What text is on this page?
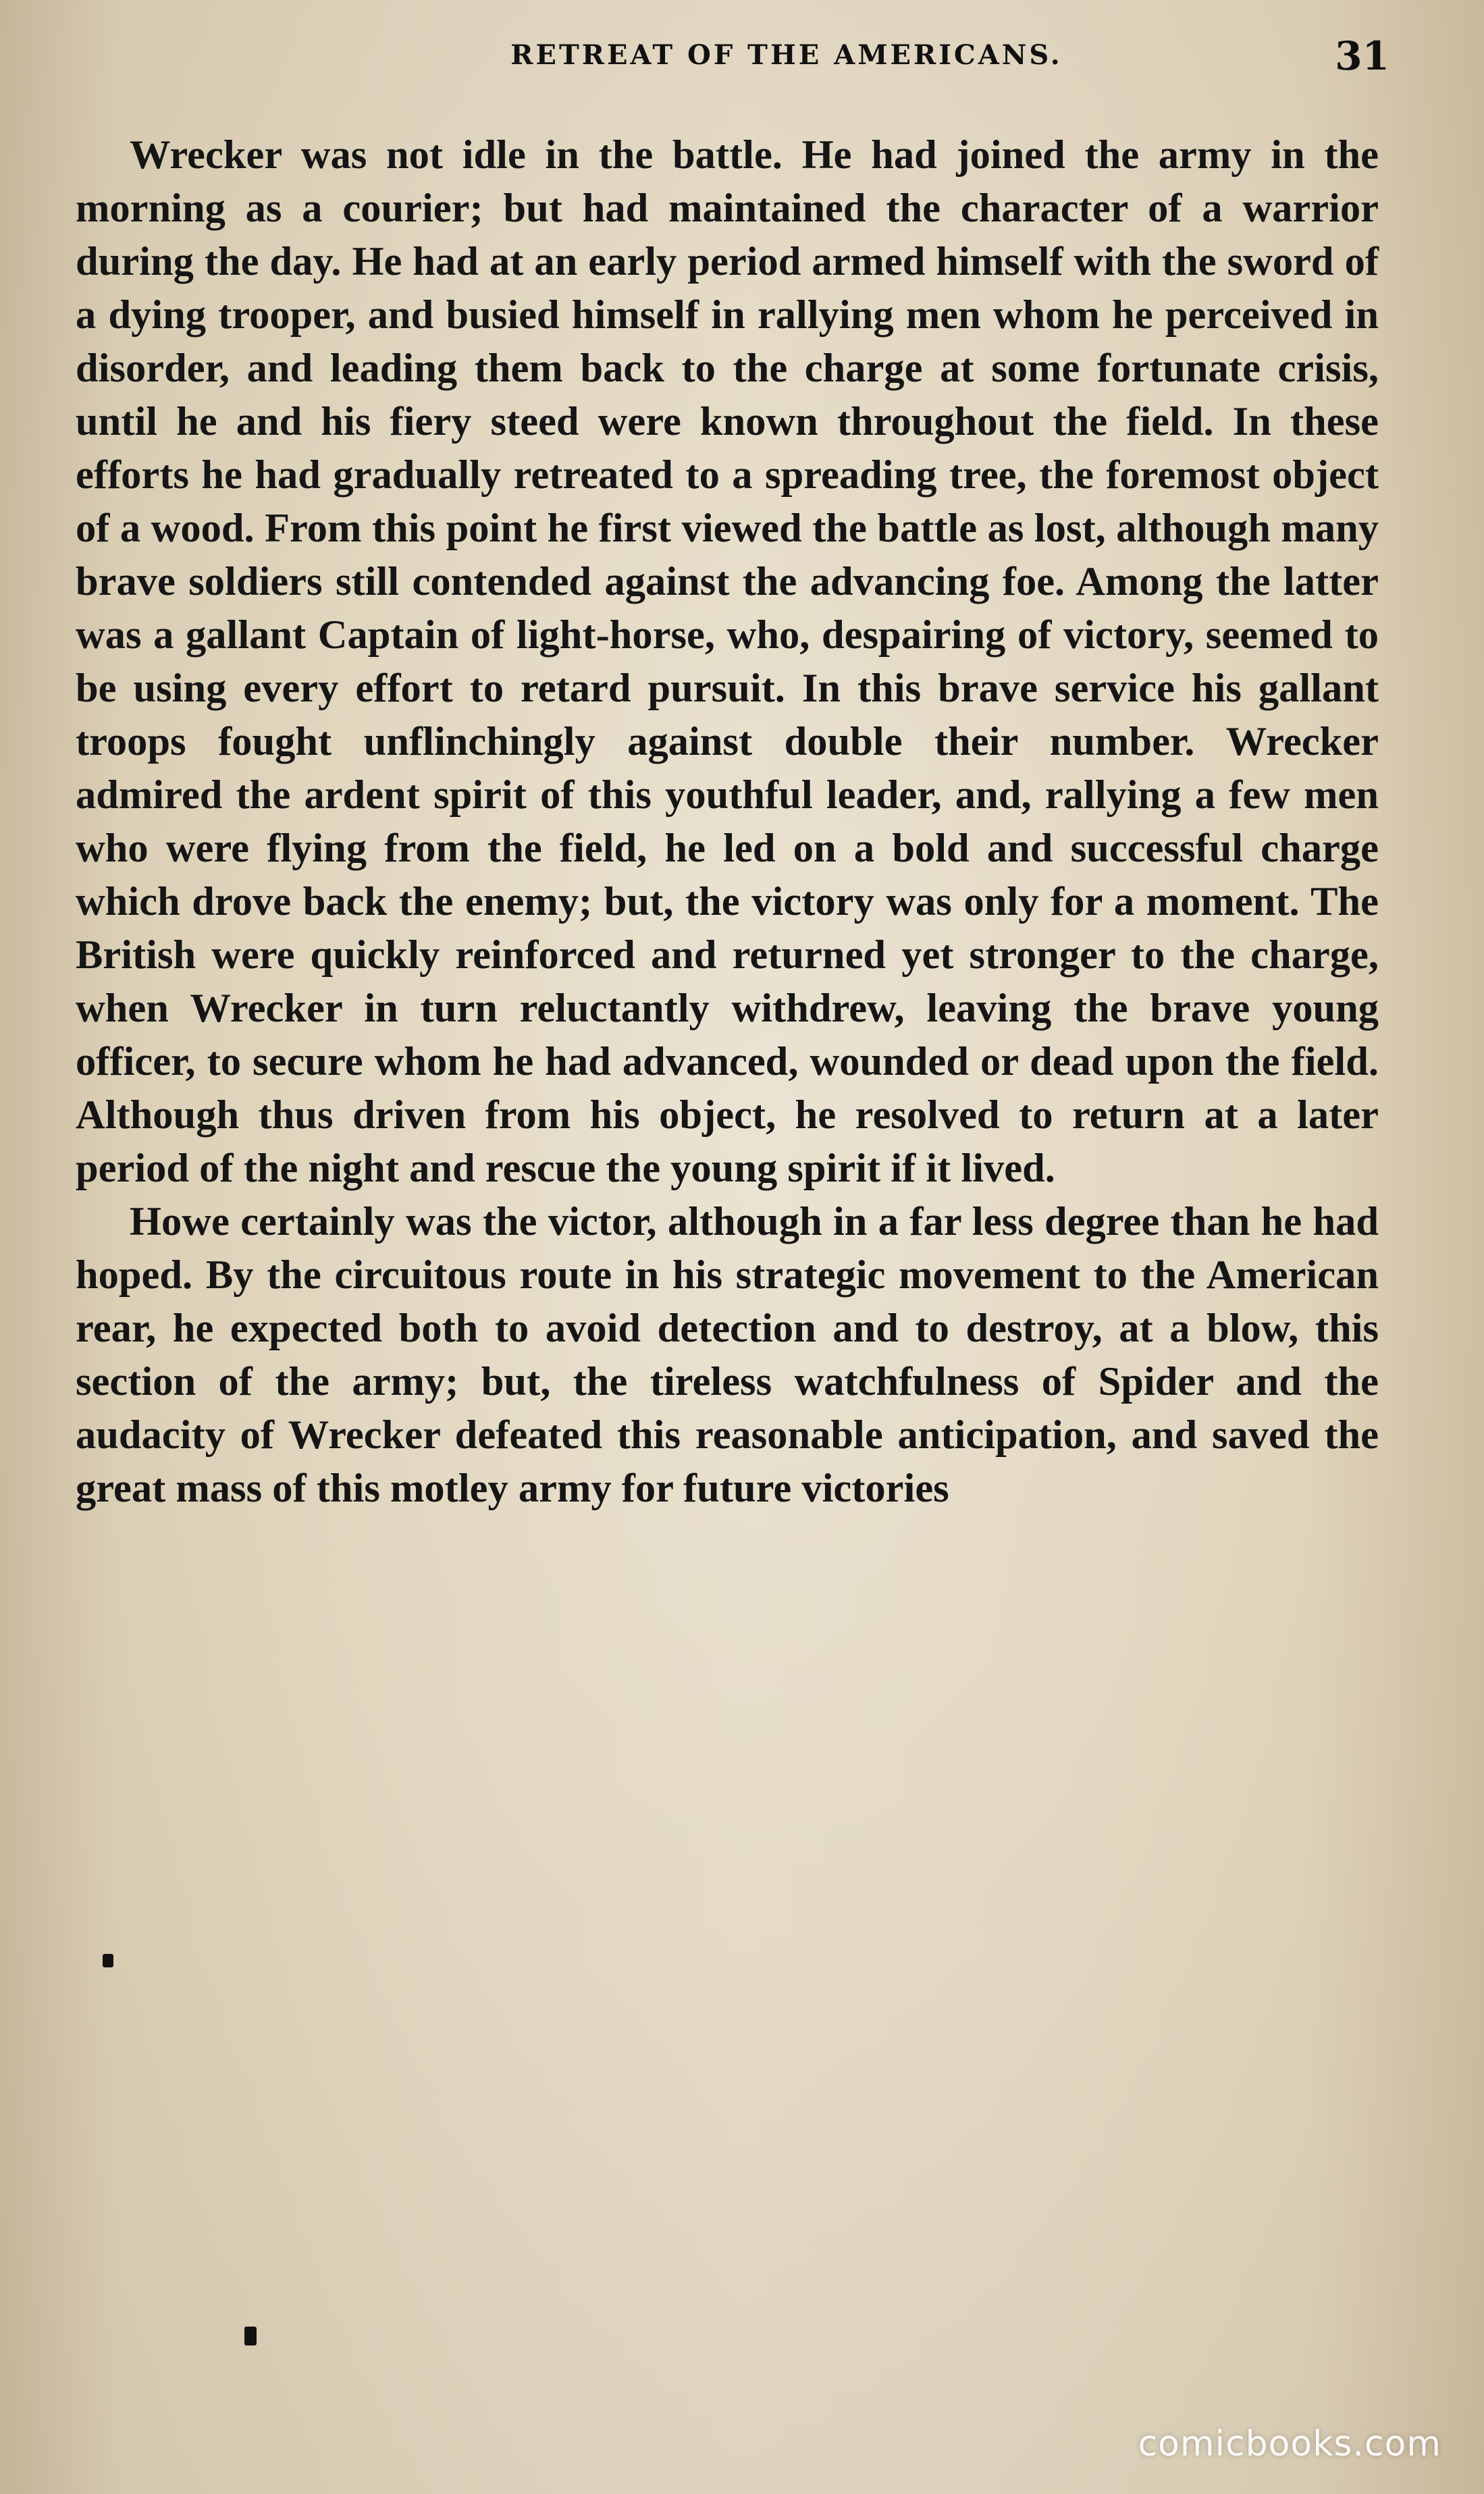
RETREAT OF THE AMERICANS.	31

Wrecker was not idle in the battle. He had joined the army in the morning as a courier; but had maintained the character of a warrior during the day. He had at an early period armed himself with the sword of a dying trooper, and busied himself in rallying men whom he perceived in disorder, and leading them back to the charge at some fortunate crisis, until he and his fiery steed were known throughout the field. In these efforts he had gradually retreated to a spreading tree, the foremost object of a wood. From this point he first viewed the battle as lost, although many brave soldiers still contended against the advancing foe. Among the latter was a gallant Captain of light-horse, who, despairing of victory, seemed to be using every effort to retard pursuit. In this brave service his gallant troops fought unflinchingly against double their number. Wrecker admired the ardent spirit of this youthful leader, and, rallying a few men who were flying from the field, he led on a bold and successful charge which drove back the enemy; but, the victory was only for a moment. The British were quickly reinforced and returned yet stronger to the charge, when Wrecker in turn reluctantly withdrew, leaving the brave young officer, to secure whom he had advanced, wounded or dead upon the field. Although thus driven from his object, he resolved to return at a later period of the night and rescue the young spirit if it lived.

Howe certainly was the victor, although in a far less degree than he had hoped. By the circuitous route in his strategic movement to the American rear, he expected both to avoid detection and to destroy, at a blow, this section of the army; but, the tireless watchfulness of Spider and the audacity of Wrecker defeated this reasonable anticipation, and saved the great mass of this motley army for future victories

comicbooks.com
